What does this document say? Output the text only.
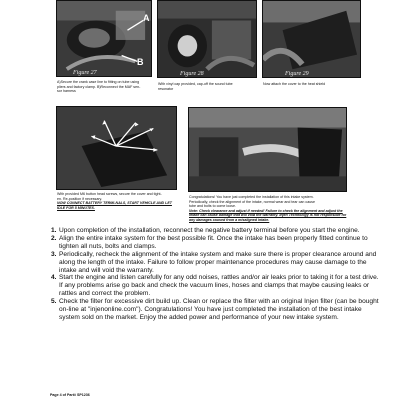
A
B
Figure 27

A)Secure the crank case line to fitting on tube using

pliers and factory clamp. B)Reconnect the MAF sen-

sor harness

Figure 28

With vinyl cap provided, cap-off the sound tube

resonator

Figure 29

Now attach the cover to the heat shield

With provided M6 button head screws, secure the cover and tight-

en. Re-position if necessary.

NOW CONNECT BATTERY TERMI-NALS, START VEHICLE AND LET IDLE FOR 5 MINUTES.

Congratulations! You have just completed the installation of this intake system.

Periodically, check the alignment of the intake, normal wear and tear can cause

tube and bolts to come loose.

Note: Check clearance and adjust if needed! Failure to check the alignment and adjust the intake can cause damage that will void the warranty. Injen Technology is not responsible for any damages caused from a misaligned intake.

1. Upon completion of the installation, reconnect the negative battery terminal before you start the engine.
2. Align the entire intake system for the best possible fit. Once the intake has been properly fitted continue to tighten all nuts, bolts and clamps.
3. Periodically, recheck the alignment of the intake system and make sure there is proper clearance around and along the length of the intake. Failure to follow proper maintenance procedures may cause damage to the intake and will void the warranty.
4. Start the engine and listen carefully for any odd noises, rattles and/or air leaks prior to taking it for a test drive. If any problems arise go back and check the vacuum lines, hoses and clamps that maybe causing leaks or rattles and correct the problem.
5. Check the filter for excessive dirt build up. Clean or replace the filter with an original Injen filter (can be bought on-line at "injenonline.com"). Congratulations! You have just completed the installation of the best intake system sold on the market. Enjoy the added power and performance of your new intake system.
Page 4 of Part# SP1236
